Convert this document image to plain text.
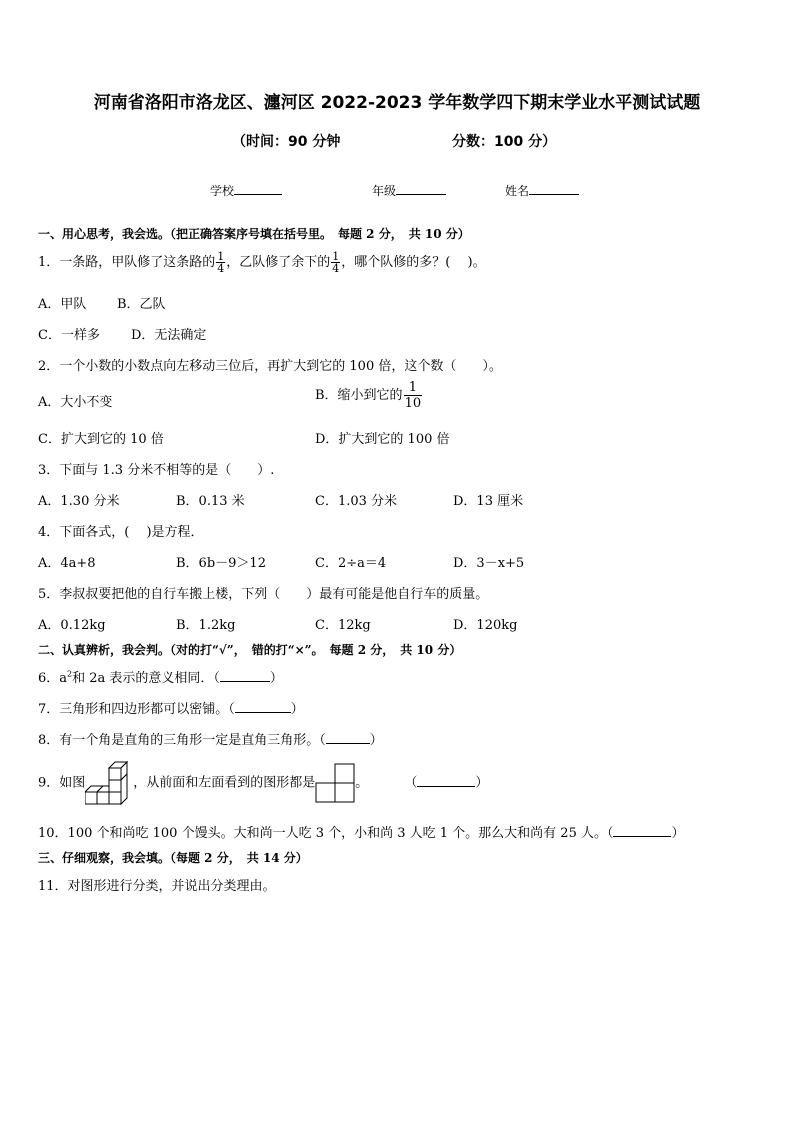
河南省洛阳市洛龙区、瀍河区 2022-2023 学年数学四下期末学业水平测试试题
（时间：90 分钟	分数：100 分）
学校	年级	姓名
一、用心思考，我会选。（把正确答案序号填在括号里。　每题 2 分，　共 10 分）
1．一条路，甲队修了这条路的 $\frac{1}{4}$ ，乙队修了余下的 $\frac{1}{4}$ ，哪个队修的多？(　 )。
A．甲队 B．乙队
C．一样多 D．无法确定
2．一个小数的小数点向左移动三位后，再扩大到它的 100 倍，这个数（　　）。
A．大小不变	B．缩小到它的 $\frac{1}{10}$
C．扩大到它的 10 倍	D．扩大到它的 100 倍
3．下面与 1.3 分米不相等的是（　　）.
A．1.30 分米	B．0.13 米	C．1.03 分米	D．13 厘米
4．下面各式，(　 )是方程．
A．4a+8	B．6b－9＞12	C．2÷a＝4	D．3－x+5
5．李叔叔要把他的自行车搬上楼，下列（　　）最有可能是他自行车的质量。
A．0.12kg	B．1.2kg	C．12kg	D．120kg
二、认真辨析，我会判。（对的打“√”，　错的打“×”。　每题 2 分，　共 10 分）
6．$a^2$和 2a 表示的意义相同．（	）
7．三角形和四边形都可以密铺。（	）
8．有一个角是直角的三角形一定是直角三角形。（	）
9．如图	，从前面和左面看到的图形都是	。	（	）
10．100 个和尚吃 100 个馒头。大和尚一人吃 3 个，小和尚 3 人吃 1 个。那么大和尚有 25 人。（	）
三、仔细观察，我会填。（每题 2 分，　共 14 分）
11．对图形进行分类，并说出分类理由。
